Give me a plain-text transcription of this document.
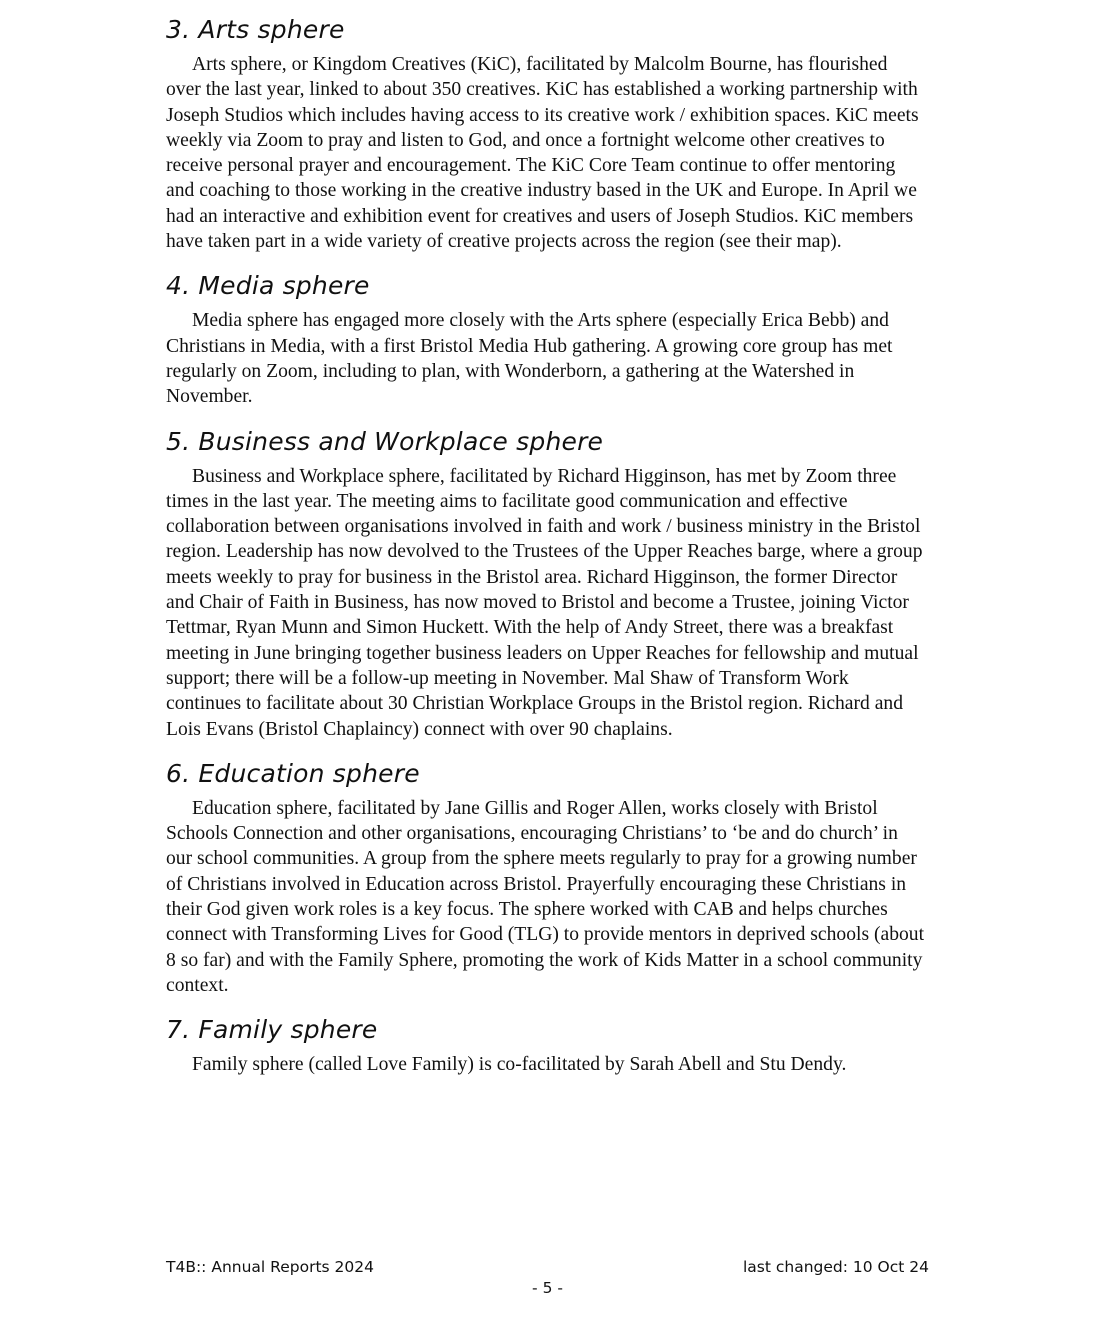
3. Arts sphere

Arts sphere, or Kingdom Creatives (KiC), facilitated by Malcolm Bourne, has flourished over the last year, linked to about 350 creatives. KiC has established a working partnership with Joseph Studios which includes having access to its creative work / exhibition spaces. KiC meets weekly via Zoom to pray and listen to God, and once a fortnight welcome other creatives to receive personal prayer and encouragement. The KiC Core Team continue to offer mentoring and coaching to those working in the creative industry based in the UK and Europe. In April we had an interactive and exhibition event for creatives and users of Joseph Studios. KiC members have taken part in a wide variety of creative projects across the region (see their map).

4. Media sphere

Media sphere has engaged more closely with the Arts sphere (especially Erica Bebb) and Christians in Media, with a first Bristol Media Hub gathering. A growing core group has met regularly on Zoom, including to plan, with Wonderborn, a gathering at the Watershed in November.

5. Business and Workplace sphere

Business and Workplace sphere, facilitated by Richard Higginson, has met by Zoom three times in the last year. The meeting aims to facilitate good communication and effective collaboration between organisations involved in faith and work / business ministry in the Bristol region. Leadership has now devolved to the Trustees of the Upper Reaches barge, where a group meets weekly to pray for business in the Bristol area. Richard Higginson, the former Director and Chair of Faith in Business, has now moved to Bristol and become a Trustee, joining Victor Tettmar, Ryan Munn and Simon Huckett. With the help of Andy Street, there was a breakfast meeting in June bringing together business leaders on Upper Reaches for fellowship and mutual support; there will be a follow-up meeting in November. Mal Shaw of Transform Work continues to facilitate about 30 Christian Workplace Groups in the Bristol region. Richard and Lois Evans (Bristol Chaplaincy) connect with over 90 chaplains.

6. Education sphere

Education sphere, facilitated by Jane Gillis and Roger Allen, works closely with Bristol Schools Connection and other organisations, encouraging Christians’ to ‘be and do church’ in our school communities. A group from the sphere meets regularly to pray for a growing number of Christians involved in Education across Bristol. Prayerfully encouraging these Christians in their God given work roles is a key focus. The sphere worked with CAB and helps churches connect with Transforming Lives for Good (TLG) to provide mentors in deprived schools (about 8 so far) and with the Family Sphere, promoting the work of Kids Matter in a school community context.

7. Family sphere

Family sphere (called Love Family) is co-facilitated by Sarah Abell and Stu Dendy.

T4B:: Annual Reports 2024	last changed: 10 Oct 24
- 5 -
